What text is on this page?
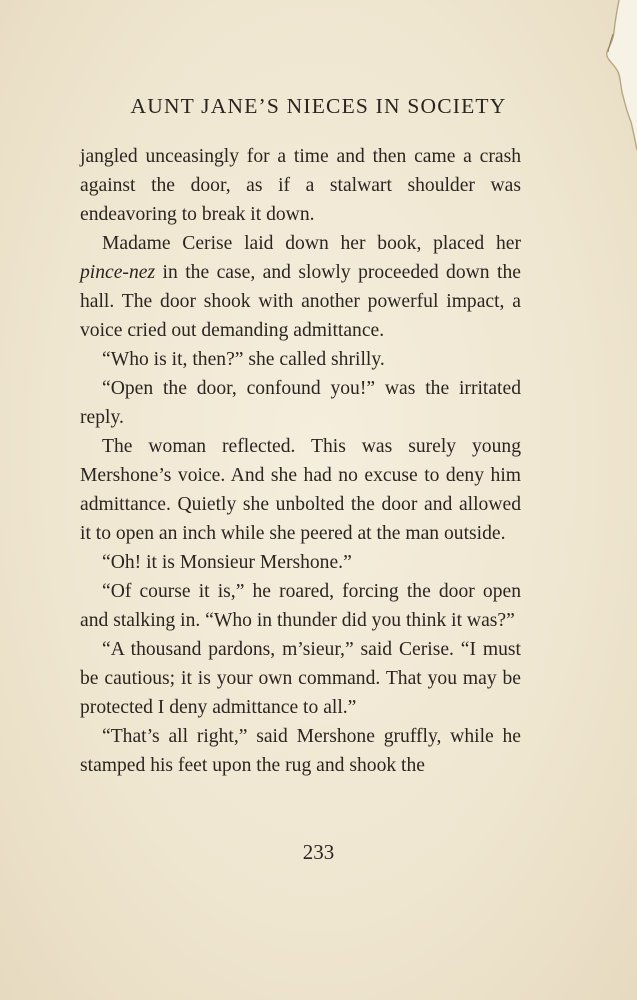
AUNT JANE’S NIECES IN SOCIETY

jangled unceasingly for a time and then came a crash against the door, as if a stalwart shoulder was endeavoring to break it down.

Madame Cerise laid down her book, placed her pince-nez in the case, and slowly proceeded down the hall. The door shook with another powerful impact, a voice cried out demanding admittance.

“Who is it, then?” she called shrilly.

“Open the door, confound you!” was the irritated reply.

The woman reflected. This was surely young Mershone’s voice. And she had no excuse to deny him admittance. Quietly she unbolted the door and allowed it to open an inch while she peered at the man outside.

“Oh! it is Monsieur Mershone.”

“Of course it is,” he roared, forcing the door open and stalking in. “Who in thunder did you think it was?”

“A thousand pardons, m’sieur,” said Cerise. “I must be cautious; it is your own command. That you may be protected I deny admittance to all.”

“That’s all right,” said Mershone gruffly, while he stamped his feet upon the rug and shook the

233
